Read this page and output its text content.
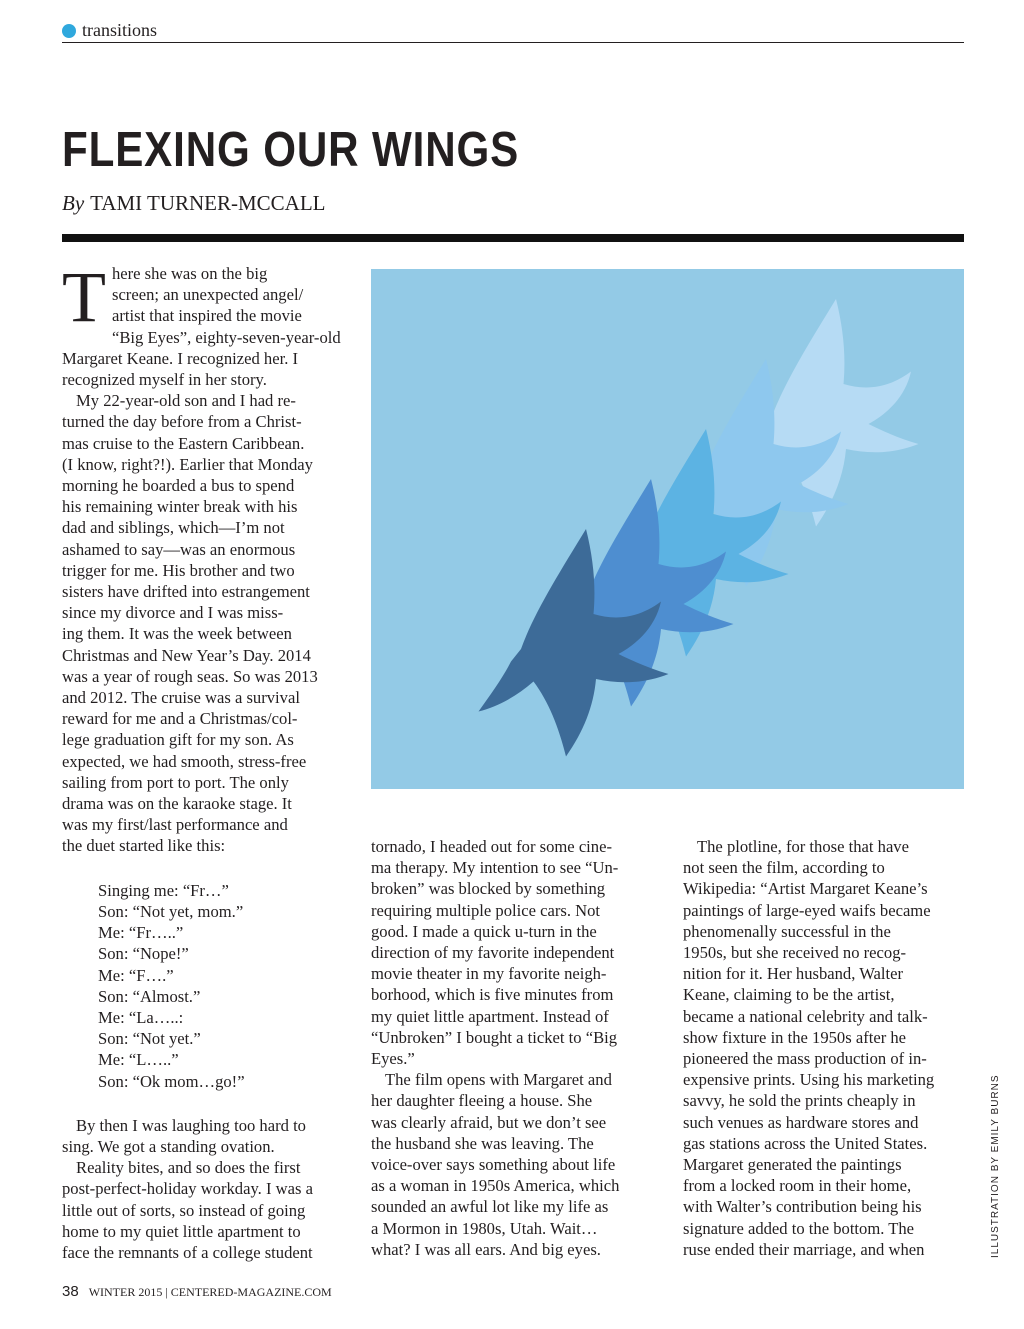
transitions
FLEXING OUR WINGS
By TAMI TURNER-MCCALL
T here she was on the big

screen; an unexpected angel/

artist that inspired the movie

“Big Eyes”, eighty-seven-year-old

Margaret Keane. I recognized her. I

recognized myself in her story.

My 22-year-old son and I had re-

turned the day before from a Christ-

mas cruise to the Eastern Caribbean.

(I know, right?!). Earlier that Monday

morning he boarded a bus to spend

his remaining winter break with his

dad and siblings, which—I’m not

ashamed to say—was an enormous

trigger for me. His brother and two

sisters have drifted into estrangement

since my divorce and I was miss-

ing them. It was the week between

Christmas and New Year’s Day. 2014

was a year of rough seas. So was 2013

and 2012. The cruise was a survival

reward for me and a Christmas/col-

lege graduation gift for my son. As

expected, we had smooth, stress-free

sailing from port to port. The only

drama was on the karaoke stage. It

was my first/last performance and

the duet started like this:

Singing me: “Fr…”
Son: “Not yet, mom.”
Me: “Fr…..”
Son: “Nope!”
Me: “F….”
Son: “Almost.”
Me: “La…..:
Son: “Not yet.”
Me: “L…..”
Son: “Ok mom…go!”

By then I was laughing too hard to

sing. We got a standing ovation.

Reality bites, and so does the first

post-perfect-holiday workday. I was a

little out of sorts, so instead of going

home to my quiet little apartment to

face the remnants of a college student

tornado, I headed out for some cine-

ma therapy. My intention to see “Un-

broken” was blocked by something

requiring multiple police cars. Not

good. I made a quick u-turn in the

direction of my favorite independent

movie theater in my favorite neigh-

borhood, which is five minutes from

my quiet little apartment. Instead of

“Unbroken” I bought a ticket to “Big

Eyes.”

The film opens with Margaret and

her daughter fleeing a house. She

was clearly afraid, but we don’t see

the husband she was leaving. The

voice-over says something about life

as a woman in 1950s America, which

sounded an awful lot like my life as

a Mormon in 1980s, Utah. Wait…

what? I was all ears. And big eyes.

The plotline, for those that have

not seen the film, according to

Wikipedia: “Artist Margaret Keane’s

paintings of large-eyed waifs became

phenomenally successful in the

1950s, but she received no recog-

nition for it. Her husband, Walter

Keane, claiming to be the artist,

became a national celebrity and talk-

show fixture in the 1950s after he

pioneered the mass production of in-

expensive prints. Using his marketing

savvy, he sold the prints cheaply in

such venues as hardware stores and

gas stations across the United States.

Margaret generated the paintings

from a locked room in their home,

with Walter’s contribution being his

signature added to the bottom. The

ruse ended their marriage, and when	ILLUSTRATION BY EMILY BURNS
38 WINTER 2015 | CENTERED-MAGAZINE.COM
